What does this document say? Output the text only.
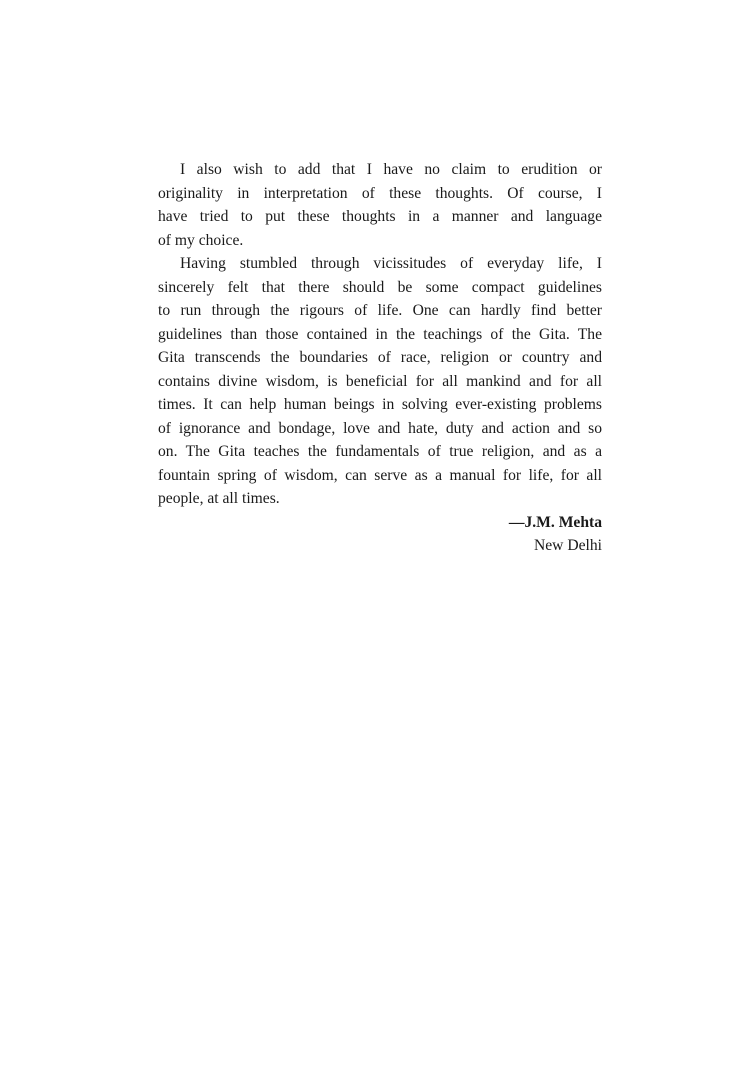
I also wish to add that I have no claim to erudition or
originality in interpretation of these thoughts. Of course, I
have tried to put these thoughts in a manner and language
of my choice.
Having stumbled through vicissitudes of everyday life, I
sincerely felt that there should be some compact guidelines
to run through the rigours of life. One can hardly find better
guidelines than those contained in the teachings of the Gita. The
Gita transcends the boundaries of race, religion or country and
contains divine wisdom, is beneficial for all mankind and for all
times. It can help human beings in solving ever-existing problems
of ignorance and bondage, love and hate, duty and action and so
on. The Gita teaches the fundamentals of true religion, and as a
fountain spring of wisdom, can serve as a manual for life, for all
people, at all times.
—J.M. Mehta
New Delhi
